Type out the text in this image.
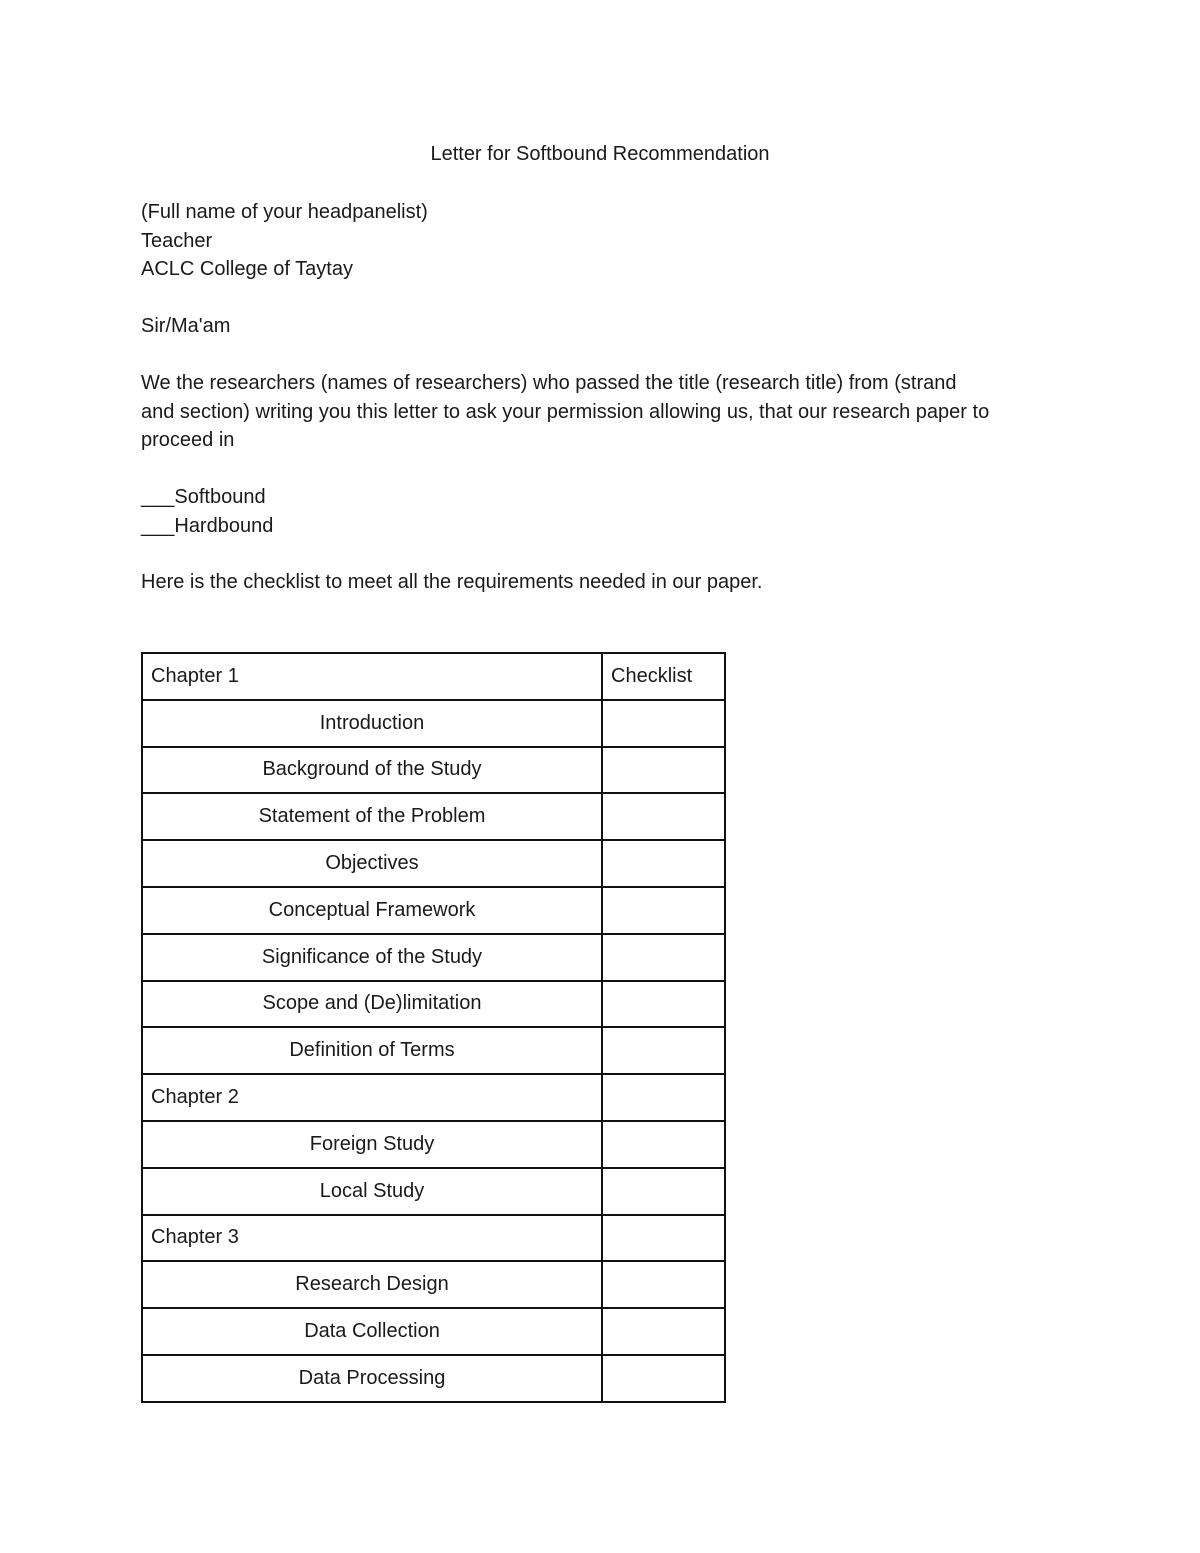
Letter for Softbound Recommendation
(Full name of your headpanelist)
Teacher
ACLC College of Taytay
Sir/Ma'am
We the researchers (names of researchers) who passed the title (research title) from (strand
and section) writing you this letter to ask your permission allowing us, that our research paper to
proceed in
___Softbound
___Hardbound
Here is the checklist to meet all the requirements needed in our paper.
Chapter 1	Checklist
Introduction	
Background of the Study	
Statement of the Problem	
Objectives	
Conceptual Framework	
Significance of the Study	
Scope and (De)limitation	
Definition of Terms	
Chapter 2	
Foreign Study	
Local Study	
Chapter 3	
Research Design	
Data Collection	
Data Processing	
